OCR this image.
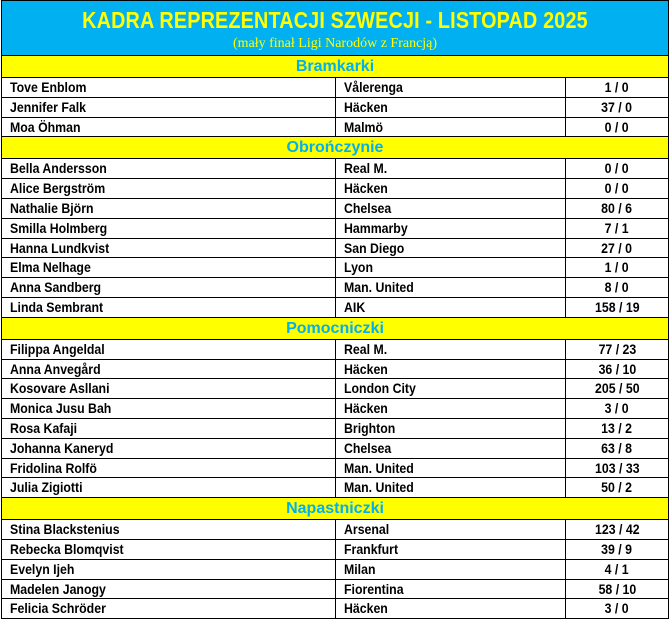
KADRA REPREZENTACJI SZWECJI - LISTOPAD 2025
(mały finał Ligi Narodów z Francją)
Bramkarki
Tove Enblom	Vålerenga	1 / 0
Jennifer Falk	Häcken	37 / 0
Moa Öhman	Malmö	0 / 0
Obrończynie
Bella Andersson	Real M.	0 / 0
Alice Bergström	Häcken	0 / 0
Nathalie Björn	Chelsea	80 / 6
Smilla Holmberg	Hammarby	7 / 1
Hanna Lundkvist	San Diego	27 / 0
Elma Nelhage	Lyon	1 / 0
Anna Sandberg	Man. United	8 / 0
Linda Sembrant	AIK	158 / 19
Pomocniczki
Filippa Angeldal	Real M.	77 / 23
Anna Anvegård	Häcken	36 / 10
Kosovare Asllani	London City	205 / 50
Monica Jusu Bah	Häcken	3 / 0
Rosa Kafaji	Brighton	13 / 2
Johanna Kaneryd	Chelsea	63 / 8
Fridolina Rolfö	Man. United	103 / 33
Julia Zigiotti	Man. United	50 / 2
Napastniczki
Stina Blackstenius	Arsenal	123 / 42
Rebecka Blomqvist	Frankfurt	39 / 9
Evelyn Ijeh	Milan	4 / 1
Madelen Janogy	Fiorentina	58 / 10
Felicia Schröder	Häcken	3 / 0
